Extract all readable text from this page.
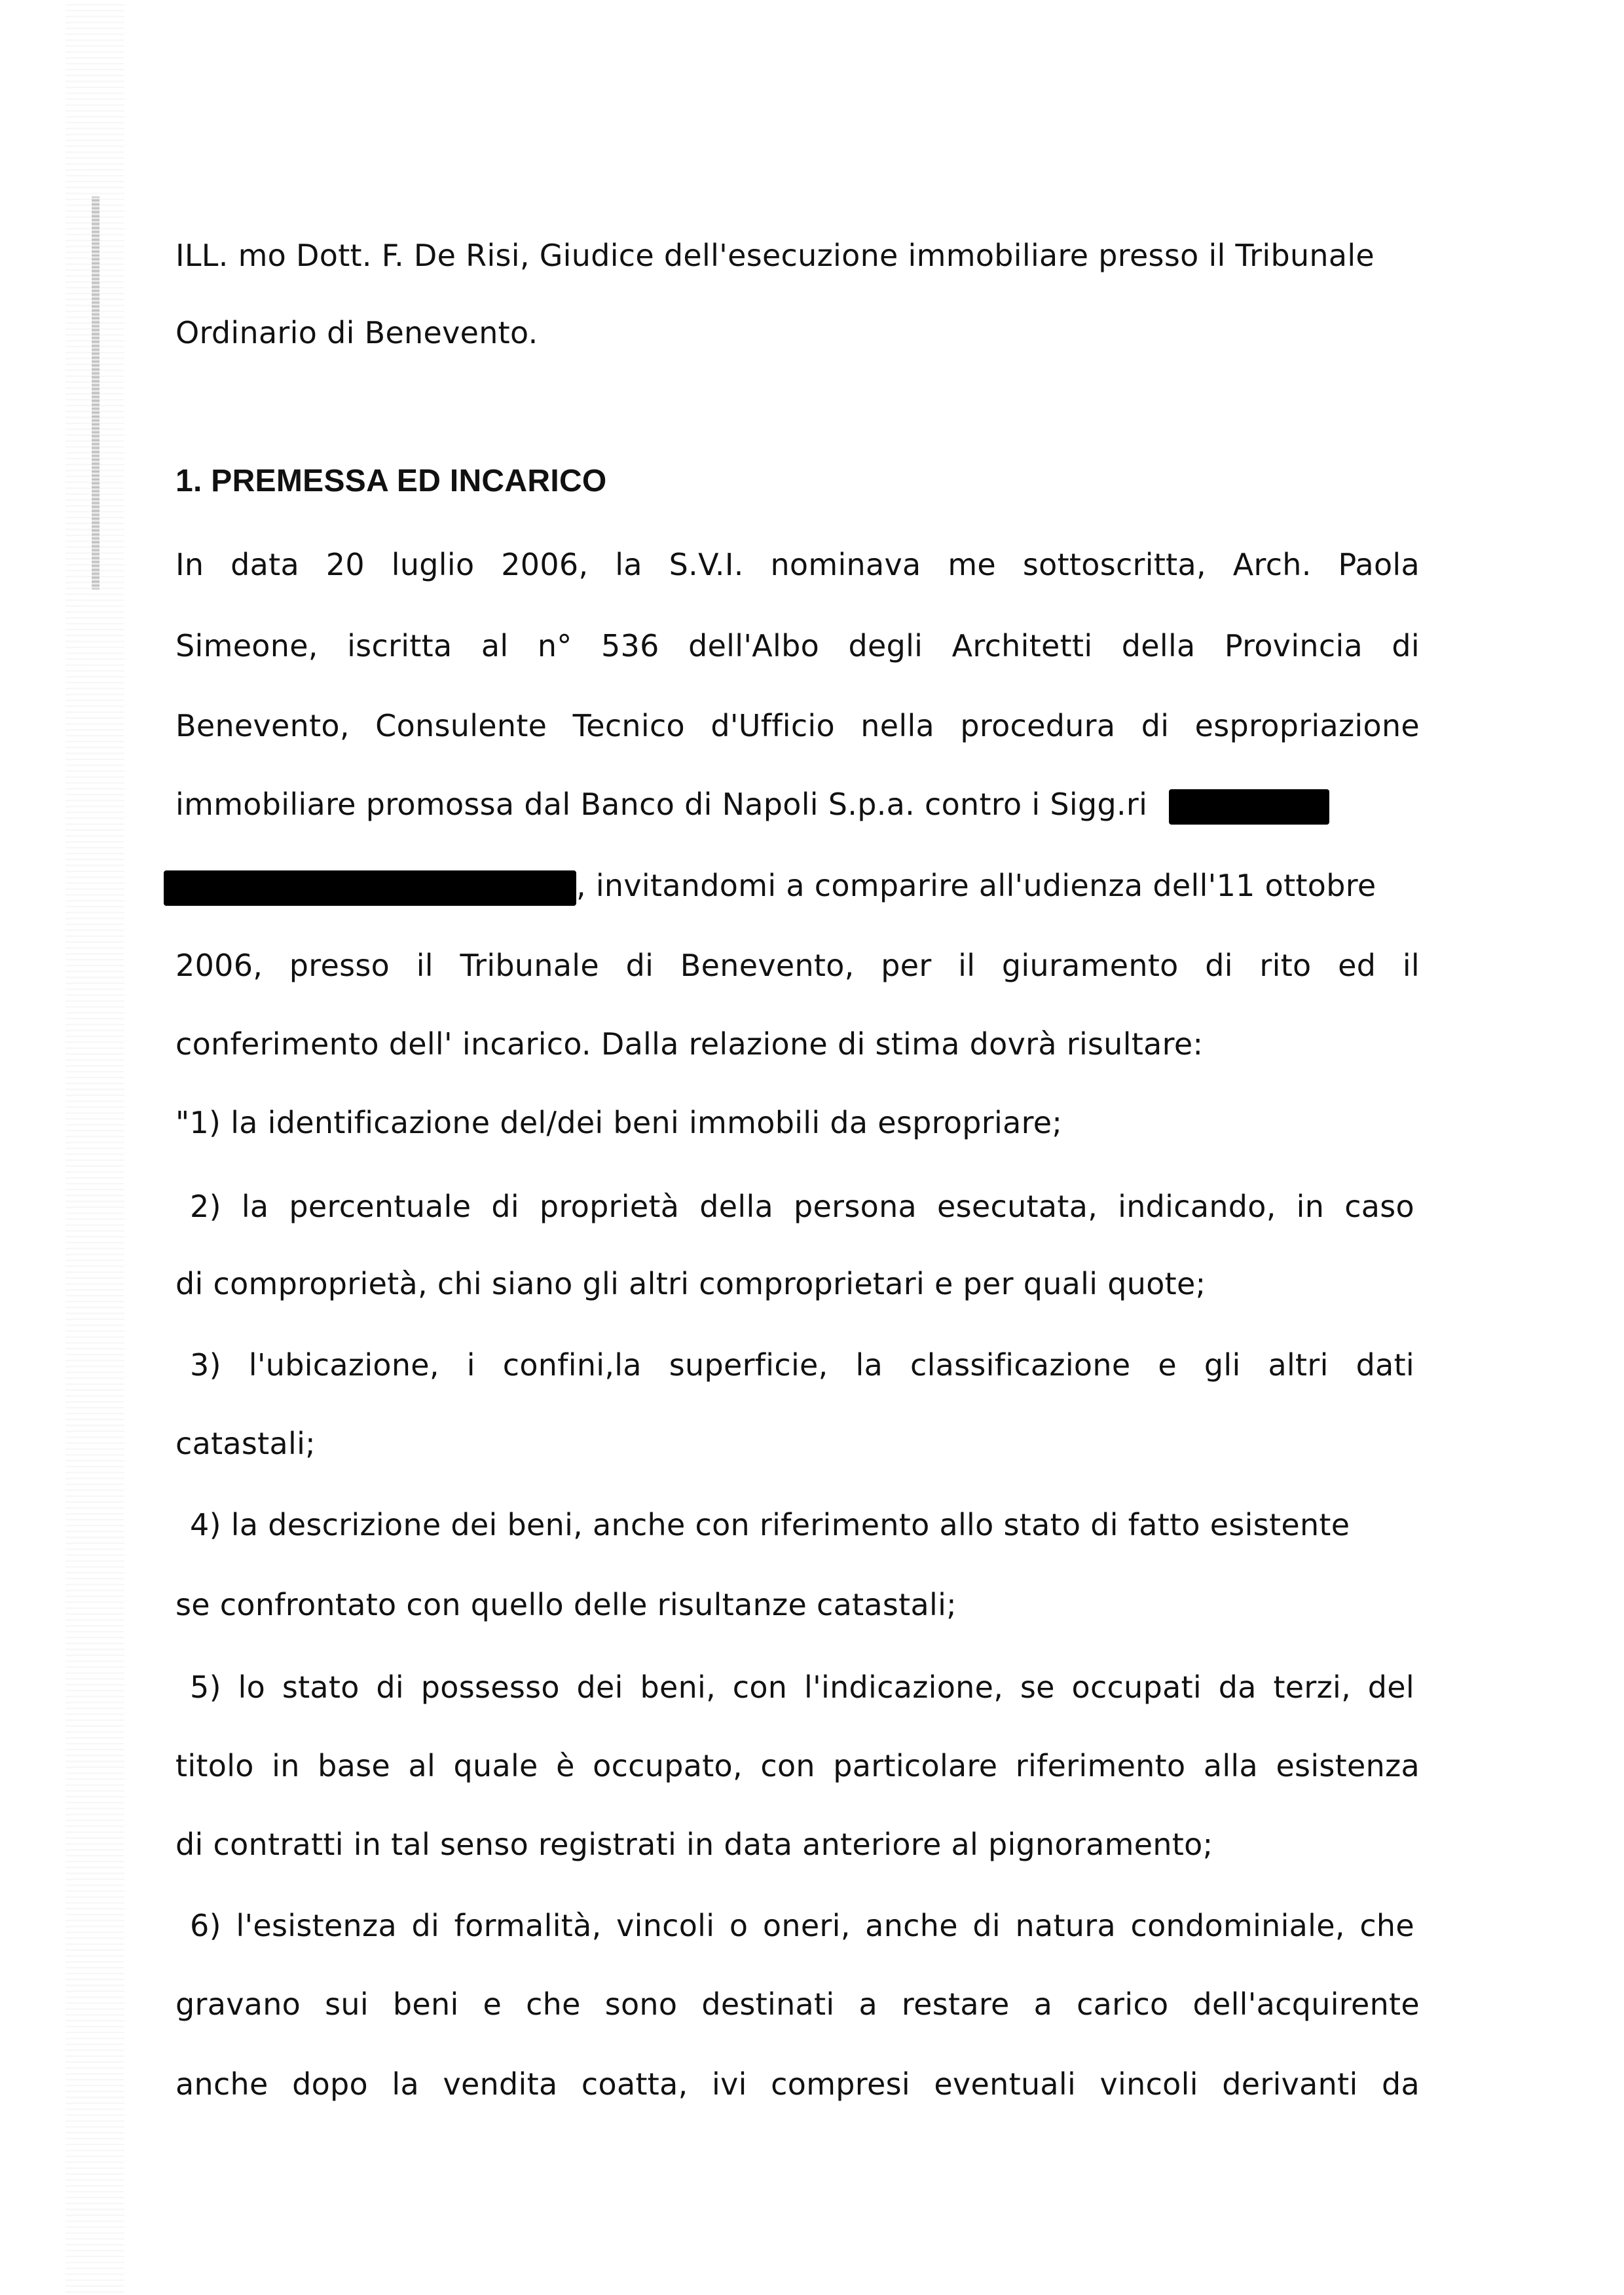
ILL. mo Dott. F. De Risi, Giudice dell'esecuzione immobiliare presso il Tribunale
Ordinario di Benevento.
1. PREMESSA ED INCARICO
In data 20 luglio 2006, la S.V.I. nominava me sottoscritta, Arch. Paola
Simeone, iscritta al n° 536 dell'Albo degli Architetti della Provincia di
Benevento, Consulente Tecnico d'Ufficio nella procedura di espropriazione
immobiliare promossa dal Banco di Napoli S.p.a. contro i Sigg.ri
, invitandomi a comparire all'udienza dell'11 ottobre
2006, presso il Tribunale di Benevento, per il giuramento di rito ed il
conferimento dell' incarico. Dalla relazione di stima dovrà risultare:
"1) la identificazione del/dei beni immobili da espropriare;
2) la percentuale di proprietà della persona esecutata, indicando, in caso
di comproprietà, chi siano gli altri comproprietari e per quali quote;
3) l'ubicazione, i confini,la superficie, la classificazione e gli altri dati
catastali;
4) la descrizione dei beni, anche con riferimento allo stato di fatto esistente
se confrontato con quello delle risultanze catastali;
5) lo stato di possesso dei beni, con l'indicazione, se occupati da terzi, del
titolo in base al quale è occupato, con particolare riferimento alla esistenza
di contratti in tal senso registrati in data anteriore al pignoramento;
6) l'esistenza di formalità, vincoli o oneri, anche di natura condominiale, che
gravano sui beni e che sono destinati a restare a carico dell'acquirente
anche dopo la vendita coatta, ivi compresi eventuali vincoli derivanti da
